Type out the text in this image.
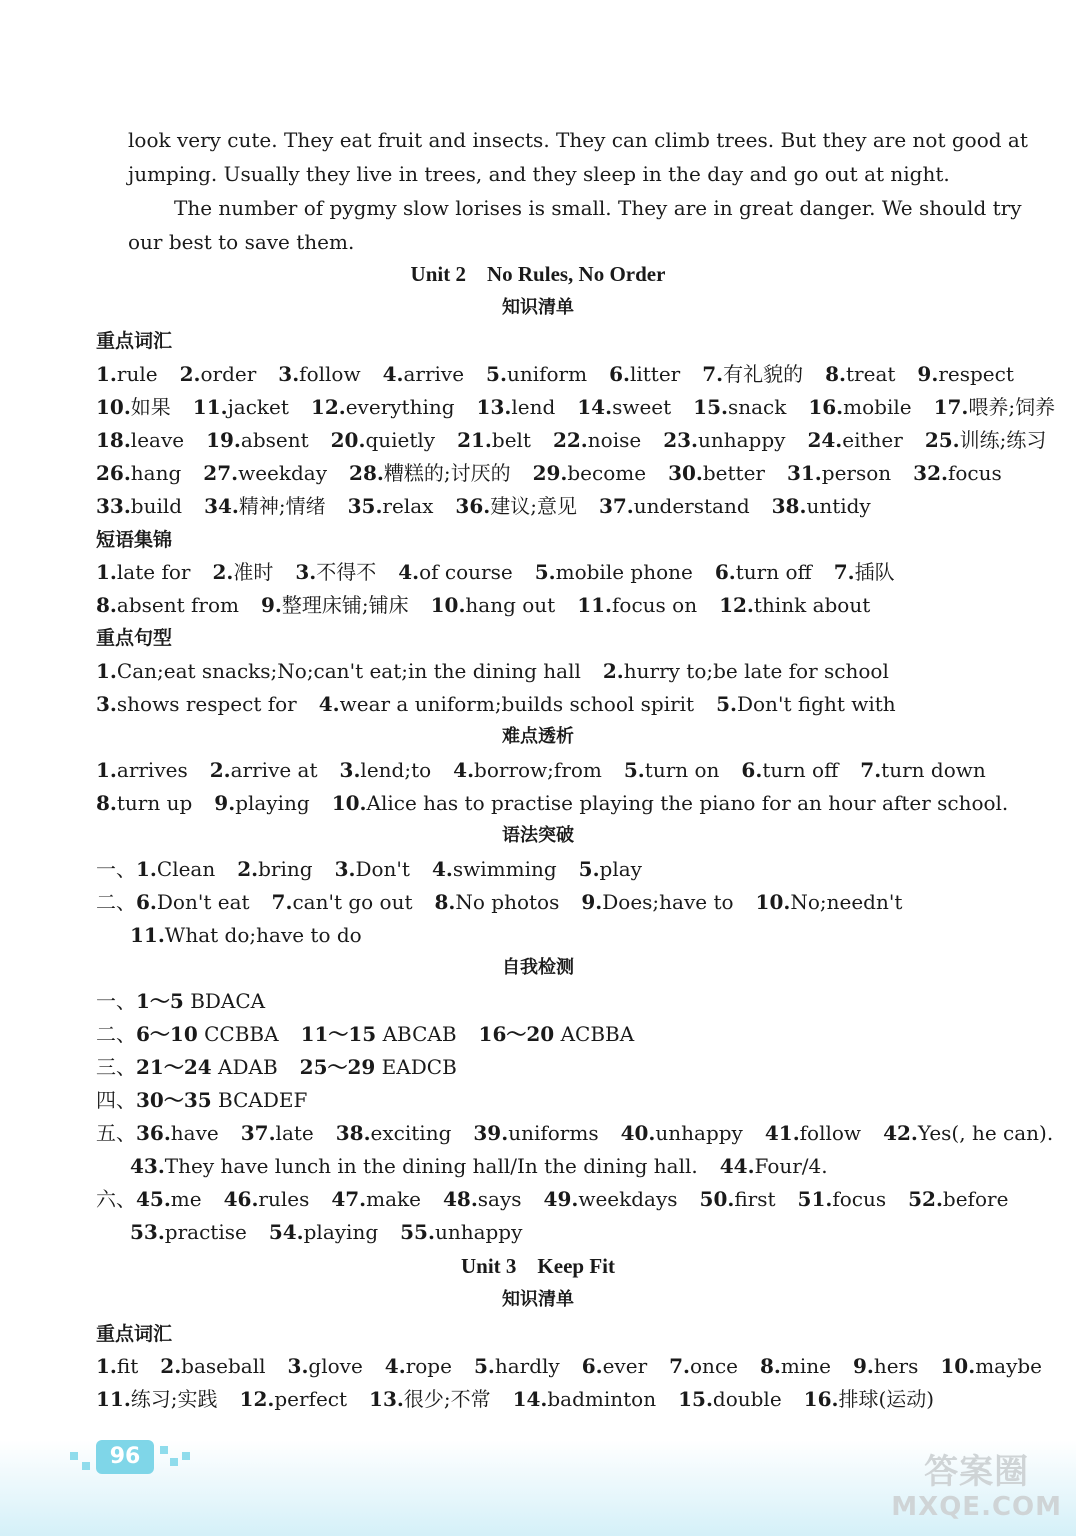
look very cute. They eat fruit and insects. They can climb trees. But they are not good at
jumping. Usually they live in trees, and they sleep in the day and go out at night.
The number of pygmy slow lorises is small. They are in great danger. We should try
our best to save them.
Unit 2    No Rules, No Order
知识清单
重点词汇
1.rule 2.order 3.follow 4.arrive 5.uniform 6.litter 7.有礼貌的 8.treat 9.respect
10.如果 11.jacket 12.everything 13.lend 14.sweet 15.snack 16.mobile 17.喂养;饲养
18.leave 19.absent 20.quietly 21.belt 22.noise 23.unhappy 24.either 25.训练;练习
26.hang 27.weekday 28.糟糕的;讨厌的 29.become 30.better 31.person 32.focus
33.build 34.精神;情绪 35.relax 36.建议;意见 37.understand 38.untidy
短语集锦
1.late for 2.准时 3.不得不 4.of course 5.mobile phone 6.turn off 7.插队
8.absent from 9.整理床铺;铺床 10.hang out 11.focus on 12.think about
重点句型
1.Can;eat snacks;No;can't eat;in the dining hall 2.hurry to;be late for school
3.shows respect for 4.wear a uniform;builds school spirit 5.Don't fight with
难点透析
1.arrives 2.arrive at 3.lend;to 4.borrow;from 5.turn on 6.turn off 7.turn down
8.turn up 9.playing 10.Alice has to practise playing the piano for an hour after school.
语法突破
一、1.Clean 2.bring 3.Don't 4.swimming 5.play
二、6.Don't eat 7.can't go out 8.No photos 9.Does;have to 10.No;needn't
11.What do;have to do
自我检测
一、1～5 BDACA
二、6～10 CCBBA 11～15 ABCAB 16～20 ACBBA
三、21～24 ADAB 25～29 EADCB
四、30～35 BCADEF
五、36.have 37.late 38.exciting 39.uniforms 40.unhappy 41.follow 42.Yes(, he can).
43.They have lunch in the dining hall/In the dining hall. 44.Four/4.
六、45.me 46.rules 47.make 48.says 49.weekdays 50.first 51.focus 52.before
53.practise 54.playing 55.unhappy
Unit 3    Keep Fit
知识清单
重点词汇
1.fit 2.baseball 3.glove 4.rope 5.hardly 6.ever 7.once 8.mine 9.hers 10.maybe
11.练习;实践 12.perfect 13.很少;不常 14.badminton 15.double 16.排球(运动)
96	答案圈
MXQE.COM
